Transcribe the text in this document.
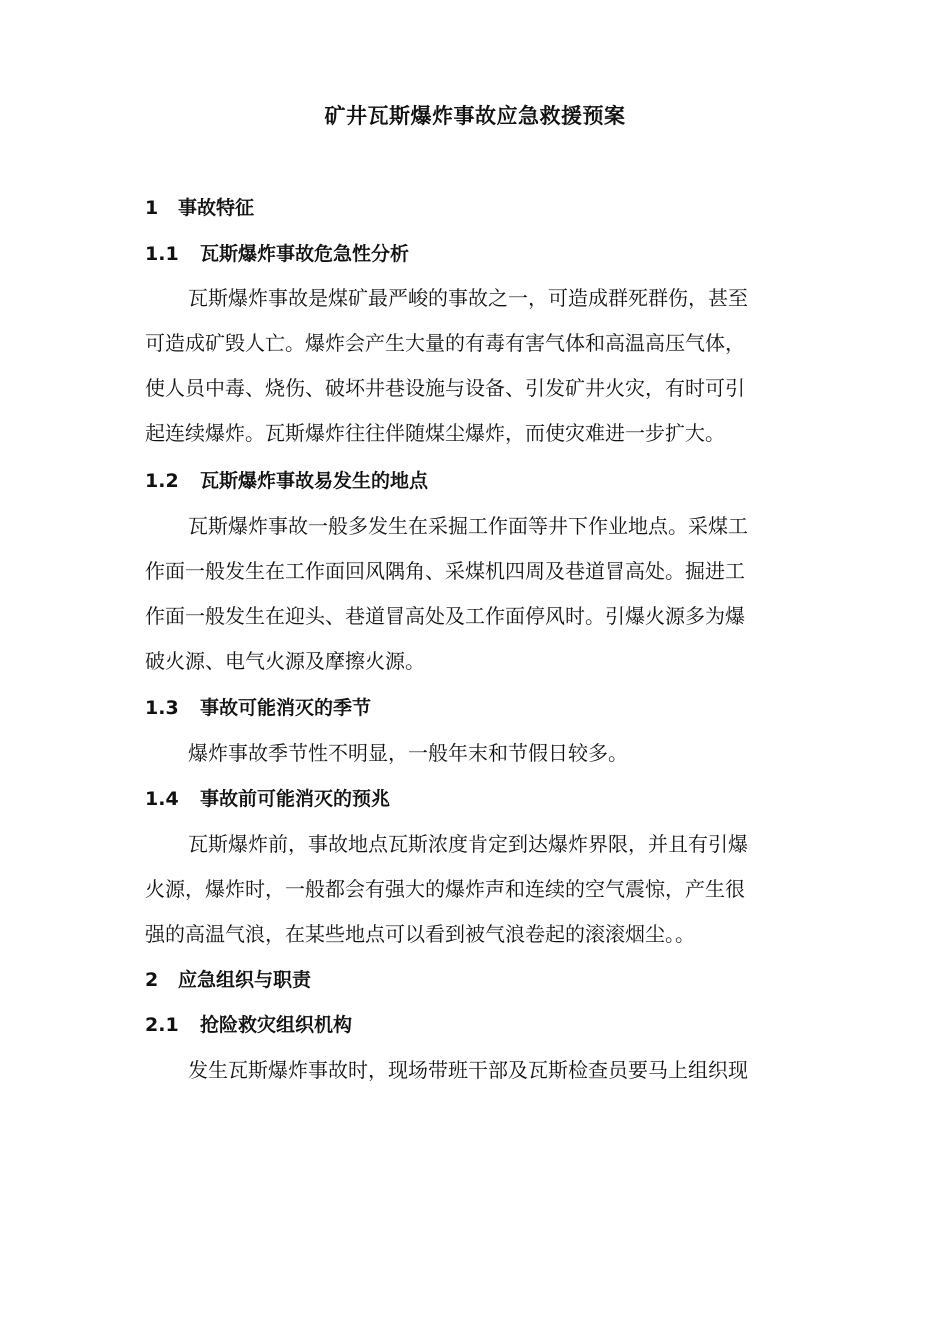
矿井瓦斯爆炸事故应急救援预案
1 事故特征
1.1 瓦斯爆炸事故危急性分析
瓦斯爆炸事故是煤矿最严峻的事故之一，可造成群死群伤，甚至
可造成矿毁人亡。爆炸会产生大量的有毒有害气体和高温高压气体，
使人员中毒、烧伤、破坏井巷设施与设备、引发矿井火灾，有时可引
起连续爆炸。瓦斯爆炸往往伴随煤尘爆炸，而使灾难进一步扩大。
1.2 瓦斯爆炸事故易发生的地点
瓦斯爆炸事故一般多发生在采掘工作面等井下作业地点。采煤工
作面一般发生在工作面回风隅角、采煤机四周及巷道冒高处。掘进工
作面一般发生在迎头、巷道冒高处及工作面停风时。引爆火源多为爆
破火源、电气火源及摩擦火源。
1.3 事故可能消灭的季节
爆炸事故季节性不明显，一般年末和节假日较多。
1.4 事故前可能消灭的预兆
瓦斯爆炸前，事故地点瓦斯浓度肯定到达爆炸界限，并且有引爆
火源，爆炸时，一般都会有强大的爆炸声和连续的空气震惊，产生很
强的高温气浪，在某些地点可以看到被气浪卷起的滚滚烟尘。。
2 应急组织与职责
2.1 抢险救灾组织机构
发生瓦斯爆炸事故时，现场带班干部及瓦斯检查员要马上组织现
